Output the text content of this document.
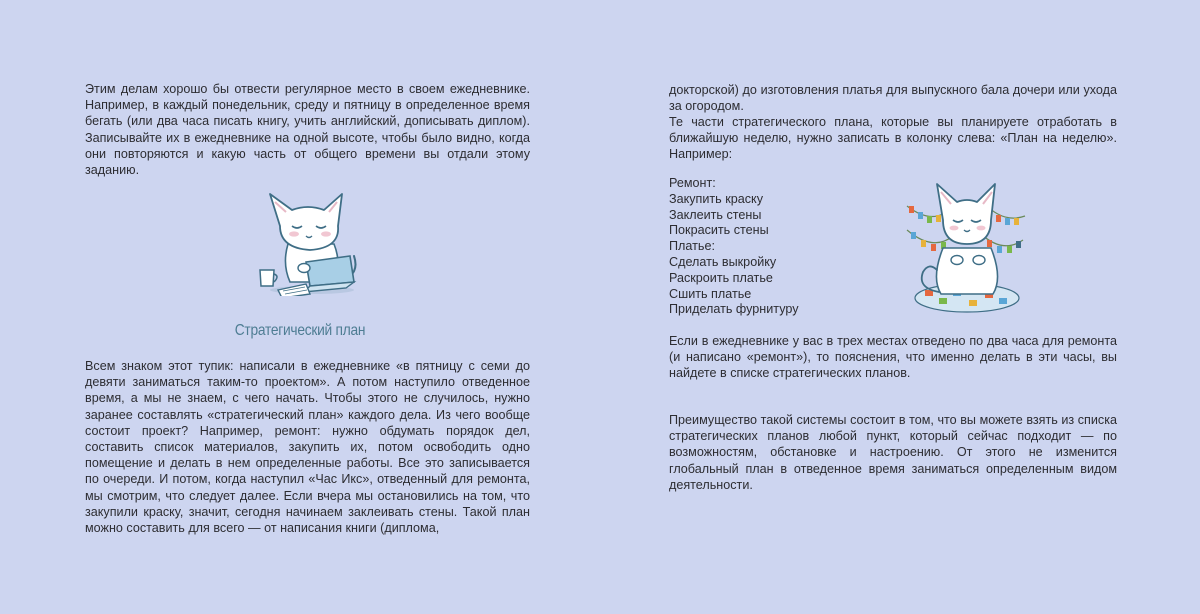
Этим делам хорошо бы отвести регулярное место в своем ежедневнике. Например, в каждый понедельник, среду и пятницу в определенное время бегать (или два часа писать книгу, учить английский, дописывать диплом). Записывайте их в ежедневнике на одной высоте, чтобы было видно, когда они повторяются и какую часть от общего времени вы отдали этому заданию.

Стратегический план

Всем знаком этот тупик: написали в ежедневнике «в пятницу с семи до девяти заниматься таким-то проектом». А потом наступило отведенное время, а мы не знаем, с чего начать. Чтобы этого не случилось, нужно заранее составлять «стратегический план» каждого дела. Из чего вообще состоит проект? Например, ремонт: нужно обдумать порядок дел, составить список материалов, закупить их, потом освободить одно помещение и делать в нем определенные работы. Все это записывается по очереди. И потом, когда наступил «Час Икс», отведенный для ремонта, мы смотрим, что следует далее. Если вчера мы остановились на том, что закупили краску, значит, сегодня начинаем заклеивать стены. Такой план можно составить для всего — от написания книги (диплома,

докторской) до изготовления платья для выпускного бала дочери или ухода за огородом.

Те части стратегического плана, которые вы планируете отработать в ближайшую неделю, нужно записать в колонку слева: «План на неделю». Например:

Ремонт:
Закупить краску
Заклеить стены
Покрасить стены
Платье:
Сделать выкройку
Раскроить платье
Сшить платье
Приделать фурнитуру

Если в ежедневнике у вас в трех местах отведено по два часа для ремонта (и написано «ремонт»), то пояснения, что именно делать в эти часы, вы найдете в списке стратегических планов.

Преимущество такой системы состоит в том, что вы можете взять из списка стратегических планов любой пункт, который сейчас подходит — по возможностям, обстановке и настроению. От этого не изменится глобальный план в отведенное время заниматься определенным видом деятельности.
